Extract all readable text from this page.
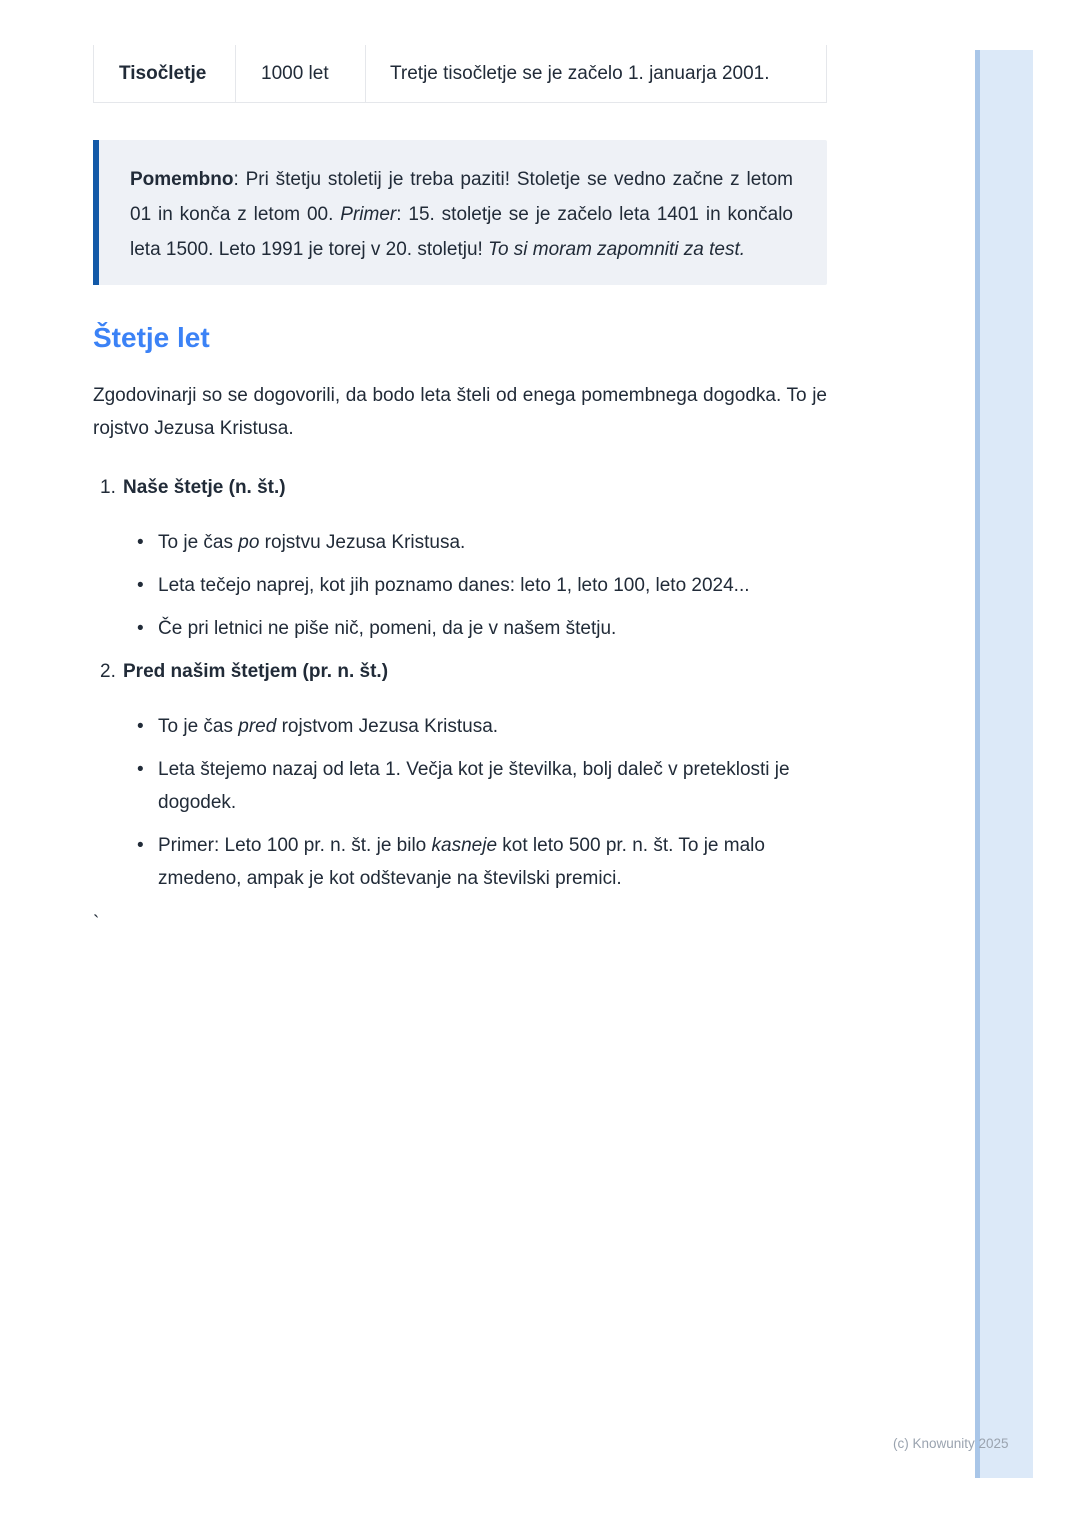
Tisočletje	1000 let	Tretje tisočletje se je začelo 1. januarja 2001.
Pomembno: Pri štetju stoletij je treba paziti! Stoletje se vedno začne z letom 01 in konča z letom 00. Primer: 15. stoletje se je začelo leta 1401 in končalo leta 1500. Leto 1991 je torej v 20. stoletju! To si moram zapomniti za test.
Štetje let

Zgodovinarji so se dogovorili, da bodo leta šteli od enega pomembnega dogodka. To je rojstvo Jezusa Kristusa.

1. Naše štetje (n. št.)
• To je čas po rojstvu Jezusa Kristusa.
• Leta tečejo naprej, kot jih poznamo danes: leto 1, leto 100, leto 2024...
• Če pri letnici ne piše nič, pomeni, da je v našem štetju.
2. Pred našim štetjem (pr. n. št.)
• To je čas pred rojstvom Jezusa Kristusa.
• Leta štejemo nazaj od leta 1. Večja kot je številka, bolj daleč v preteklosti je dogodek.
• Primer: Leto 100 pr. n. št. je bilo kasneje kot leto 500 pr. n. št. To je malo zmedeno, ampak je kot odštevanje na številski premici.
`
(c) Knowunity 2025
